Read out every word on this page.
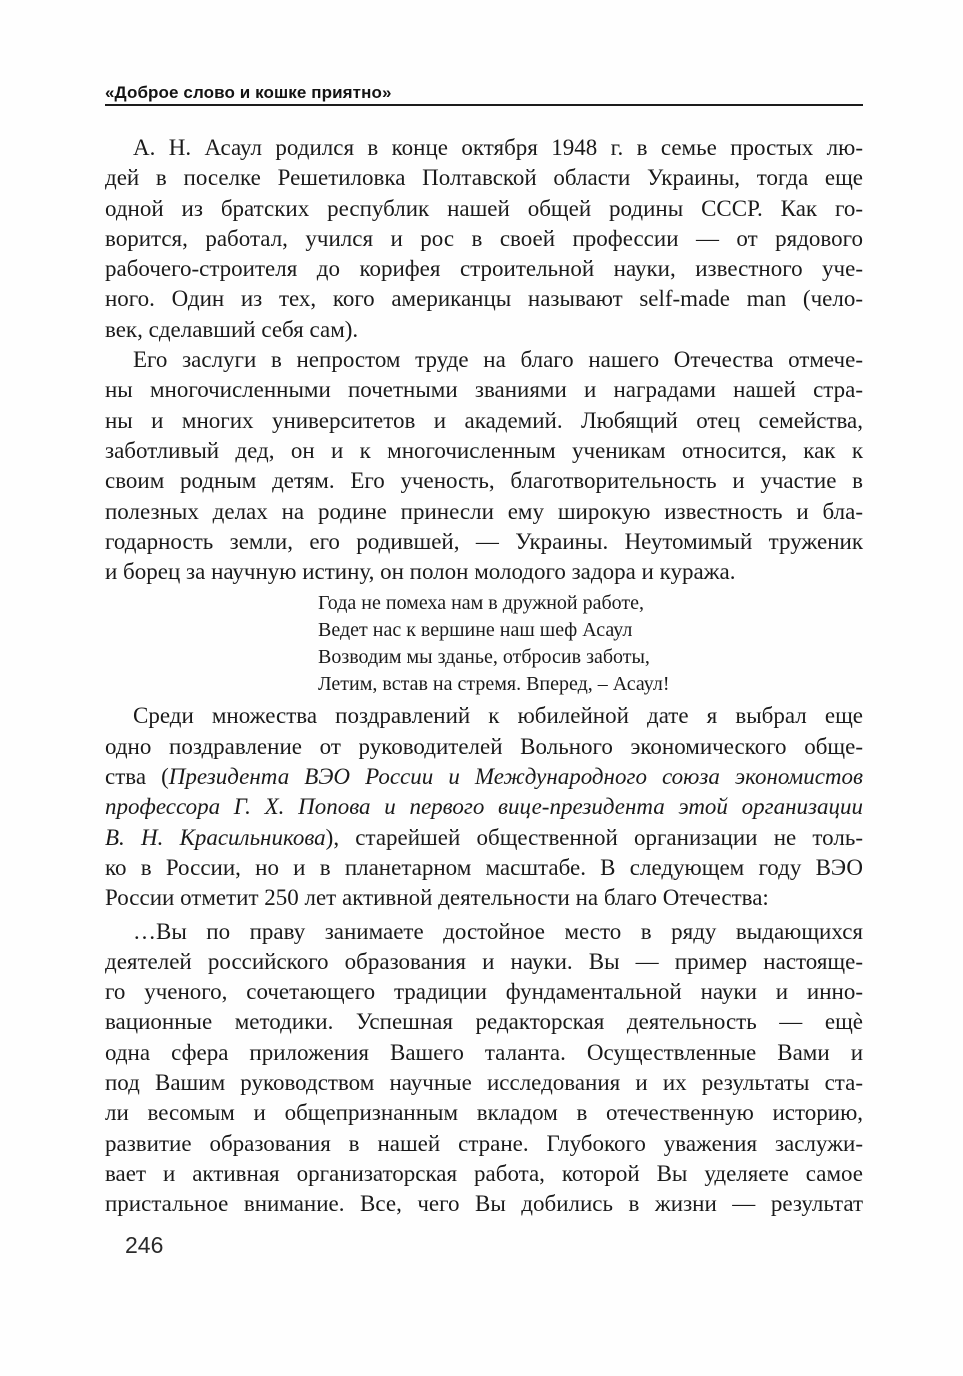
«Доброе слово и кошке приятно»
А. Н. Асаул родился в конце октября 1948 г. в семье простых лю-
дей в поселке Решетиловка Полтавской области Украины, тогда еще
одной из братских республик нашей общей родины СССР. Как го-
ворится, работал, учился и рос в своей профессии — от рядового
рабочего-строителя до корифея строительной науки, известного уче-
ного. Один из тех, кого американцы называют self-made man (чело-
век, сделавший себя сам).
Его заслуги в непростом труде на благо нашего Отечества отмече-
ны многочисленными почетными званиями и наградами нашей стра-
ны и многих университетов и академий. Любящий отец семейства,
заботливый дед, он и к многочисленным ученикам относится, как к
своим родным детям. Его ученость, благотворительность и участие в
полезных делах на родине принесли ему широкую известность и бла-
годарность земли, его родившей, — Украины. Неутомимый труженик
и борец за научную истину, он полон молодого задора и куража.
Года не помеха нам в дружной работе,
Ведет нас к вершине наш шеф Асаул
Возводим мы зданье, отбросив заботы,
Летим, встав на стремя. Вперед, – Асаул!
Среди множества поздравлений к юбилейной дате я выбрал еще
одно поздравление от руководителей Вольного экономического обще-
ства (Президента ВЭО России и Международного союза экономистов
профессора Г. Х. Попова и первого вице-президента этой организации
В. Н. Красильникова), старейшей общественной организации не толь-
ко в России, но и в планетарном масштабе. В следующем году ВЭО
России отметит 250 лет активной деятельности на благо Отечества:
…Вы по праву занимаете достойное место в ряду выдающихся
деятелей российского образования и науки. Вы — пример настояще-
го ученого, сочетающего традиции фундаментальной науки и инно-
вационные методики. Успешная редакторская деятельность — ещѐ
одна сфера приложения Вашего таланта. Осуществленные Вами и
под Вашим руководством научные исследования и их результаты ста-
ли весомым и общепризнанным вкладом в отечественную историю,
развитие образования в нашей стране. Глубокого уважения заслужи-
вает и активная организаторская работа, которой Вы уделяете самое
пристальное внимание. Все, чего Вы добились в жизни — результат
246
